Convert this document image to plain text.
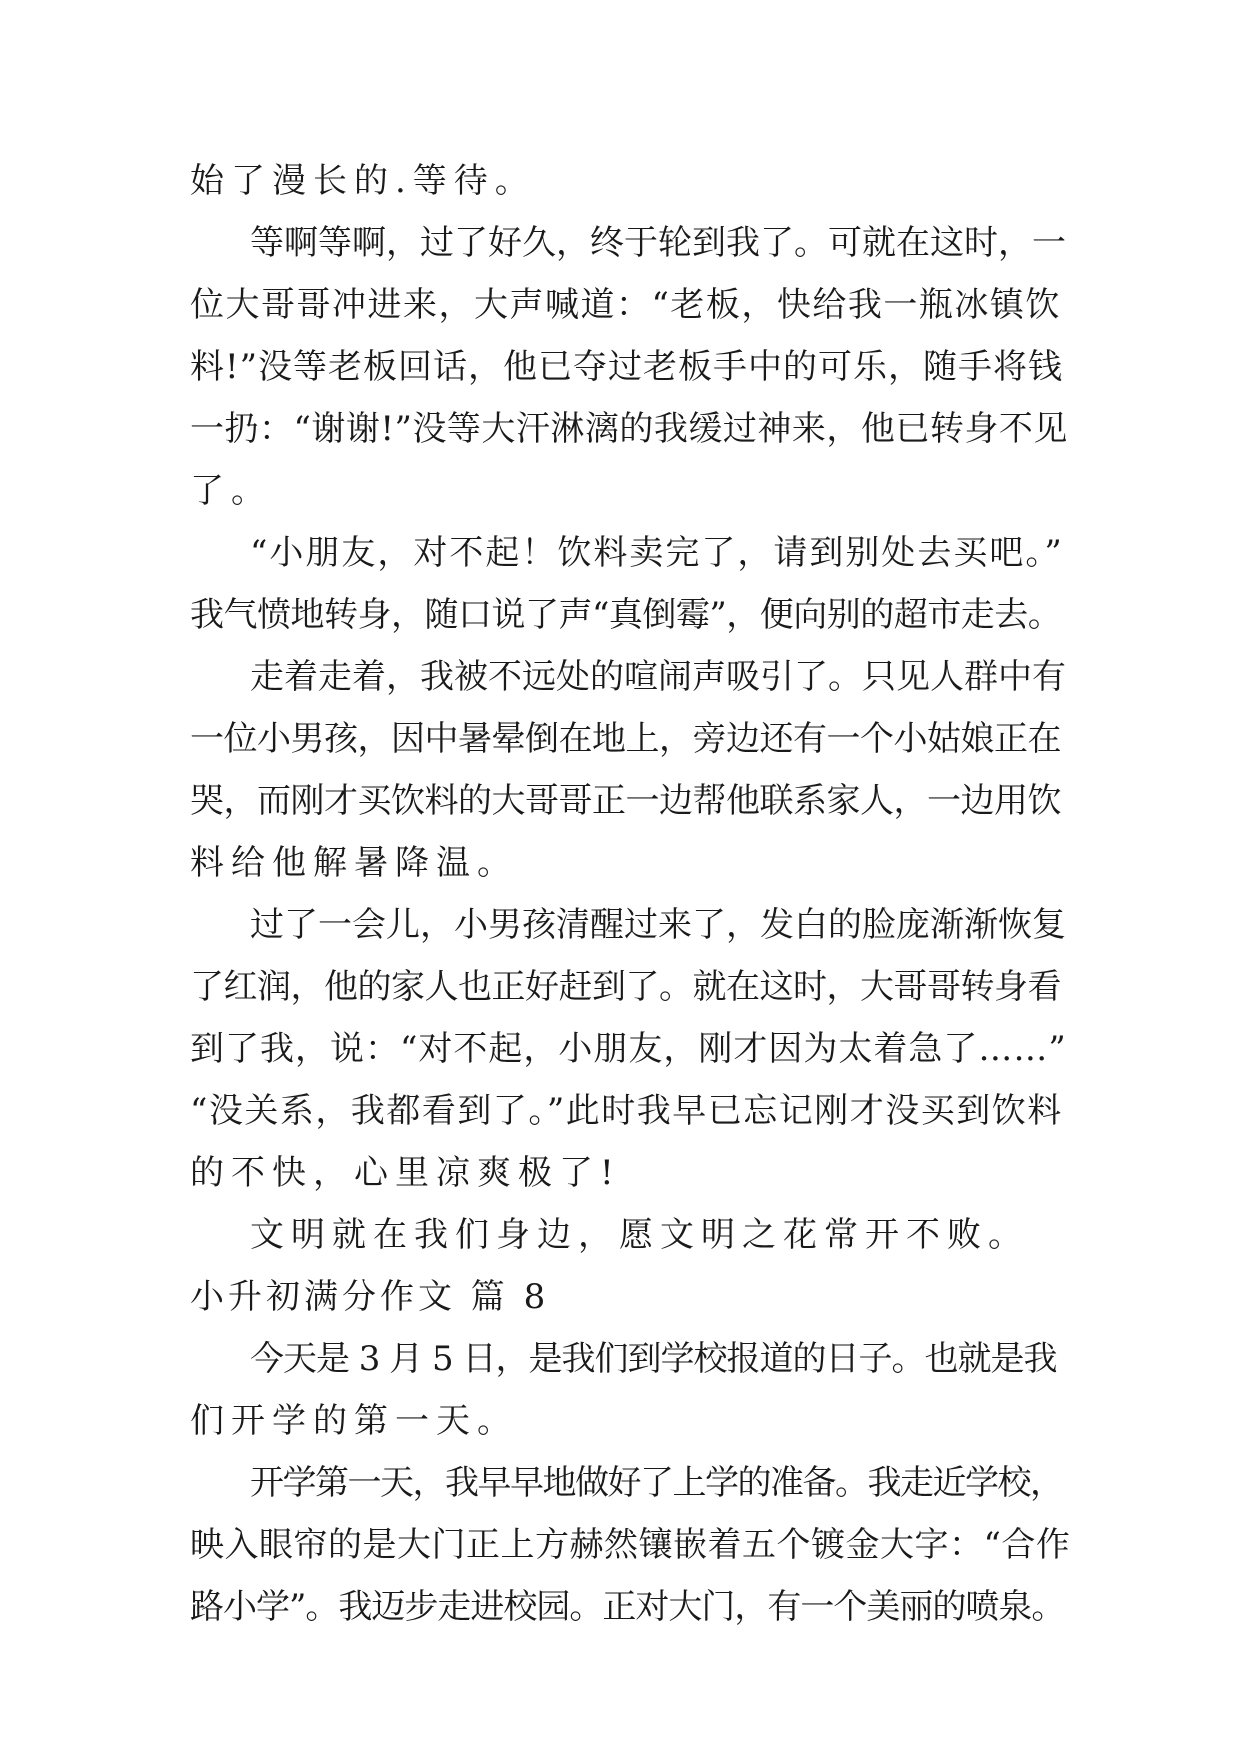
始了漫长的.等待。
等啊等啊，过了好久，终于轮到我了。可就在这时，一
位大哥哥冲进来，大声喊道：“老板，快给我一瓶冰镇饮
料!”没等老板回话，他已夺过老板手中的可乐，随手将钱
一扔：“谢谢!”没等大汗淋漓的我缓过神来，他已转身不见
了。
“小朋友，对不起！饮料卖完了，请到别处去买吧。”
我气愤地转身，随口说了声“真倒霉”，便向别的超市走去。
走着走着，我被不远处的喧闹声吸引了。只见人群中有
一位小男孩，因中暑晕倒在地上，旁边还有一个小姑娘正在
哭，而刚才买饮料的大哥哥正一边帮他联系家人，一边用饮
料给他解暑降温。
过了一会儿，小男孩清醒过来了，发白的脸庞渐渐恢复
了红润，他的家人也正好赶到了。就在这时，大哥哥转身看
到了我，说：“对不起，小朋友，刚才因为太着急了……”
“没关系，我都看到了。”此时我早已忘记刚才没买到饮料
的不快，心里凉爽极了!
文明就在我们身边，愿文明之花常开不败。
小升初满分作文 篇 8
今天是 3 月 5 日，是我们到学校报道的日子。也就是我
们开学的第一天。
开学第一天，我早早地做好了上学的准备。我走近学校，
映入眼帘的是大门正上方赫然镶嵌着五个镀金大字：“合作
路小学”。我迈步走进校园。正对大门，有一个美丽的喷泉。
